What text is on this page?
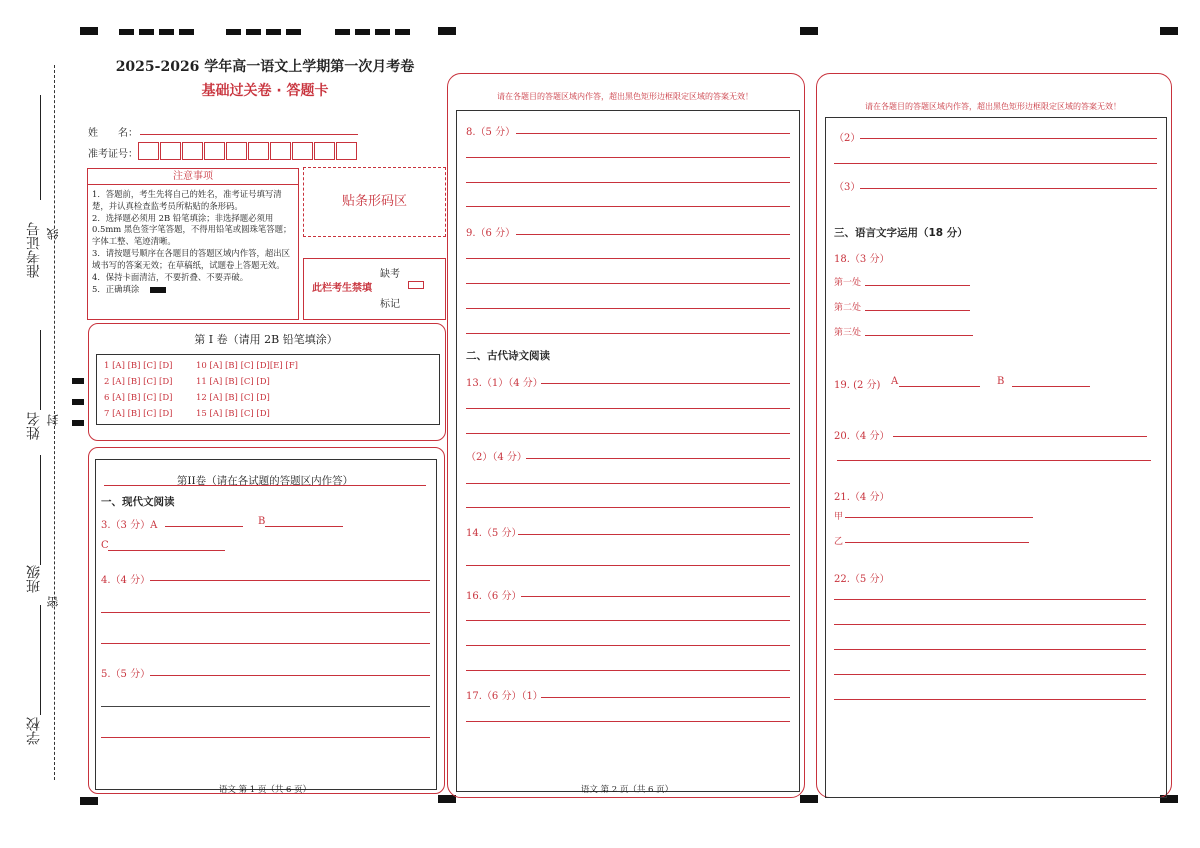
准考证号
姓名
班级
学校
线
封
密
2025-2026 学年高一语文上学期第一次月考卷
基础过关卷 · 答题卡
姓　　名：
准考证号：
注意事项
1．答题前，考生先将自己的姓名，准考证号填写清楚，并认真检查监考员所粘贴的条形码。
2．选择题必须用 2B 铅笔填涂；非选择题必须用 0.5mm 黑色签字笔答题，不得用铅笔或圆珠笔答题；字体工整、笔迹清晰。
3．请按题号顺序在各题目的答题区域内作答，超出区域书写的答案无效；在草稿纸，试题卷上答题无效。
4．保持卡面清洁，不要折叠、不要弄破。
5．正确填涂
贴条形码区
此栏考生禁填
缺考
标记
第 I 卷（请用 2B 铅笔填涂）
1 [A] [B] [C] [D]
2 [A] [B] [C] [D]
6 [A] [B] [C] [D]
7 [A] [B] [C] [D]
10 [A] [B] [C] [D][E] [F]
11 [A] [B] [C] [D]
12 [A] [B] [C] [D]
15 [A] [B] [C] [D]
第II卷（请在各试题的答题区内作答）
一、现代文阅读
3.（3 分）A	B
C
4.（4 分）
5.（5 分）
语文 第 1 页（共 6 页）
请在各题目的答题区域内作答，超出黑色矩形边框限定区域的答案无效！
8.（5 分）
9.（6 分）
二、古代诗文阅读
13.（1）（4 分）
（2）（4 分）
14.（5 分）
16.（6 分）
17.（6 分）（1）
语文 第 2 页（共 6 页）
请在各题目的答题区域内作答，超出黑色矩形边框限定区域的答案无效！
（2）
（3）
三、语言文字运用（18 分）
18.（3 分）
第一处
第二处
第三处
19. (2 分) A	B
20.（4 分）
21.（4 分）
甲
乙
22.（5 分）
